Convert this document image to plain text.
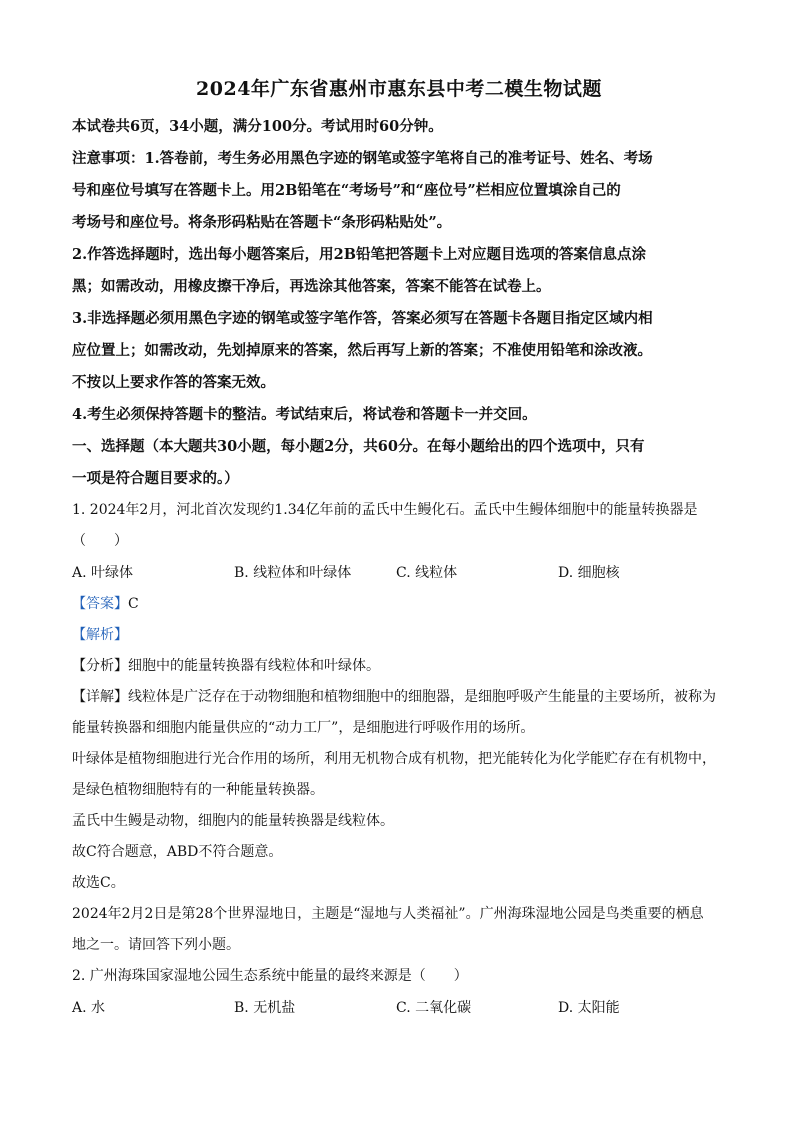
2024年广东省惠州市惠东县中考二模生物试题

本试卷共6页，34小题，满分100分。考试用时60分钟。

注意事项：1.答卷前，考生务必用黑色字迹的钢笔或签字笔将自己的准考证号、姓名、考场

号和座位号填写在答题卡上。用2B铅笔在“考场号”和“座位号”栏相应位置填涂自己的

考场号和座位号。将条形码粘贴在答题卡“条形码粘贴处”。

2.作答选择题时，选出每小题答案后，用2B铅笔把答题卡上对应题目选项的答案信息点涂

黑；如需改动，用橡皮擦干净后，再选涂其他答案，答案不能答在试卷上。

3.非选择题必须用黑色字迹的钢笔或签字笔作答，答案必须写在答题卡各题目指定区域内相

应位置上；如需改动，先划掉原来的答案，然后再写上新的答案；不准使用铅笔和涂改液。

不按以上要求作答的答案无效。

4.考生必须保持答题卡的整洁。考试结束后，将试卷和答题卡一并交回。

一、选择题（本大题共30小题，每小题2分，共60分。在每小题给出的四个选项中，只有

一项是符合题目要求的。）

1. 2024年2月，河北首次发现约1.34亿年前的孟氏中生鳗化石。孟氏中生鳗体细胞中的能量转换器是

（　　）

A. 叶绿体	B. 线粒体和叶绿体	C. 线粒体	D. 细胞核

【答案】C

【解析】

【分析】细胞中的能量转换器有线粒体和叶绿体。

【详解】线粒体是广泛存在于动物细胞和植物细胞中的细胞器，是细胞呼吸产生能量的主要场所，被称为

能量转换器和细胞内能量供应的“动力工厂”，是细胞进行呼吸作用的场所。

叶绿体是植物细胞进行光合作用的场所，利用无机物合成有机物，把光能转化为化学能贮存在有机物中，

是绿色植物细胞特有的一种能量转换器。

孟氏中生鳗是动物，细胞内的能量转换器是线粒体。

故C符合题意，ABD不符合题意。

故选C。

2024年2月2日是第28个世界湿地日，主题是“湿地与人类福祉”。广州海珠湿地公园是鸟类重要的栖息

地之一。请回答下列小题。

2. 广州海珠国家湿地公园生态系统中能量的最终来源是（　　）

A. 水	B. 无机盐	C. 二氧化碳	D. 太阳能
